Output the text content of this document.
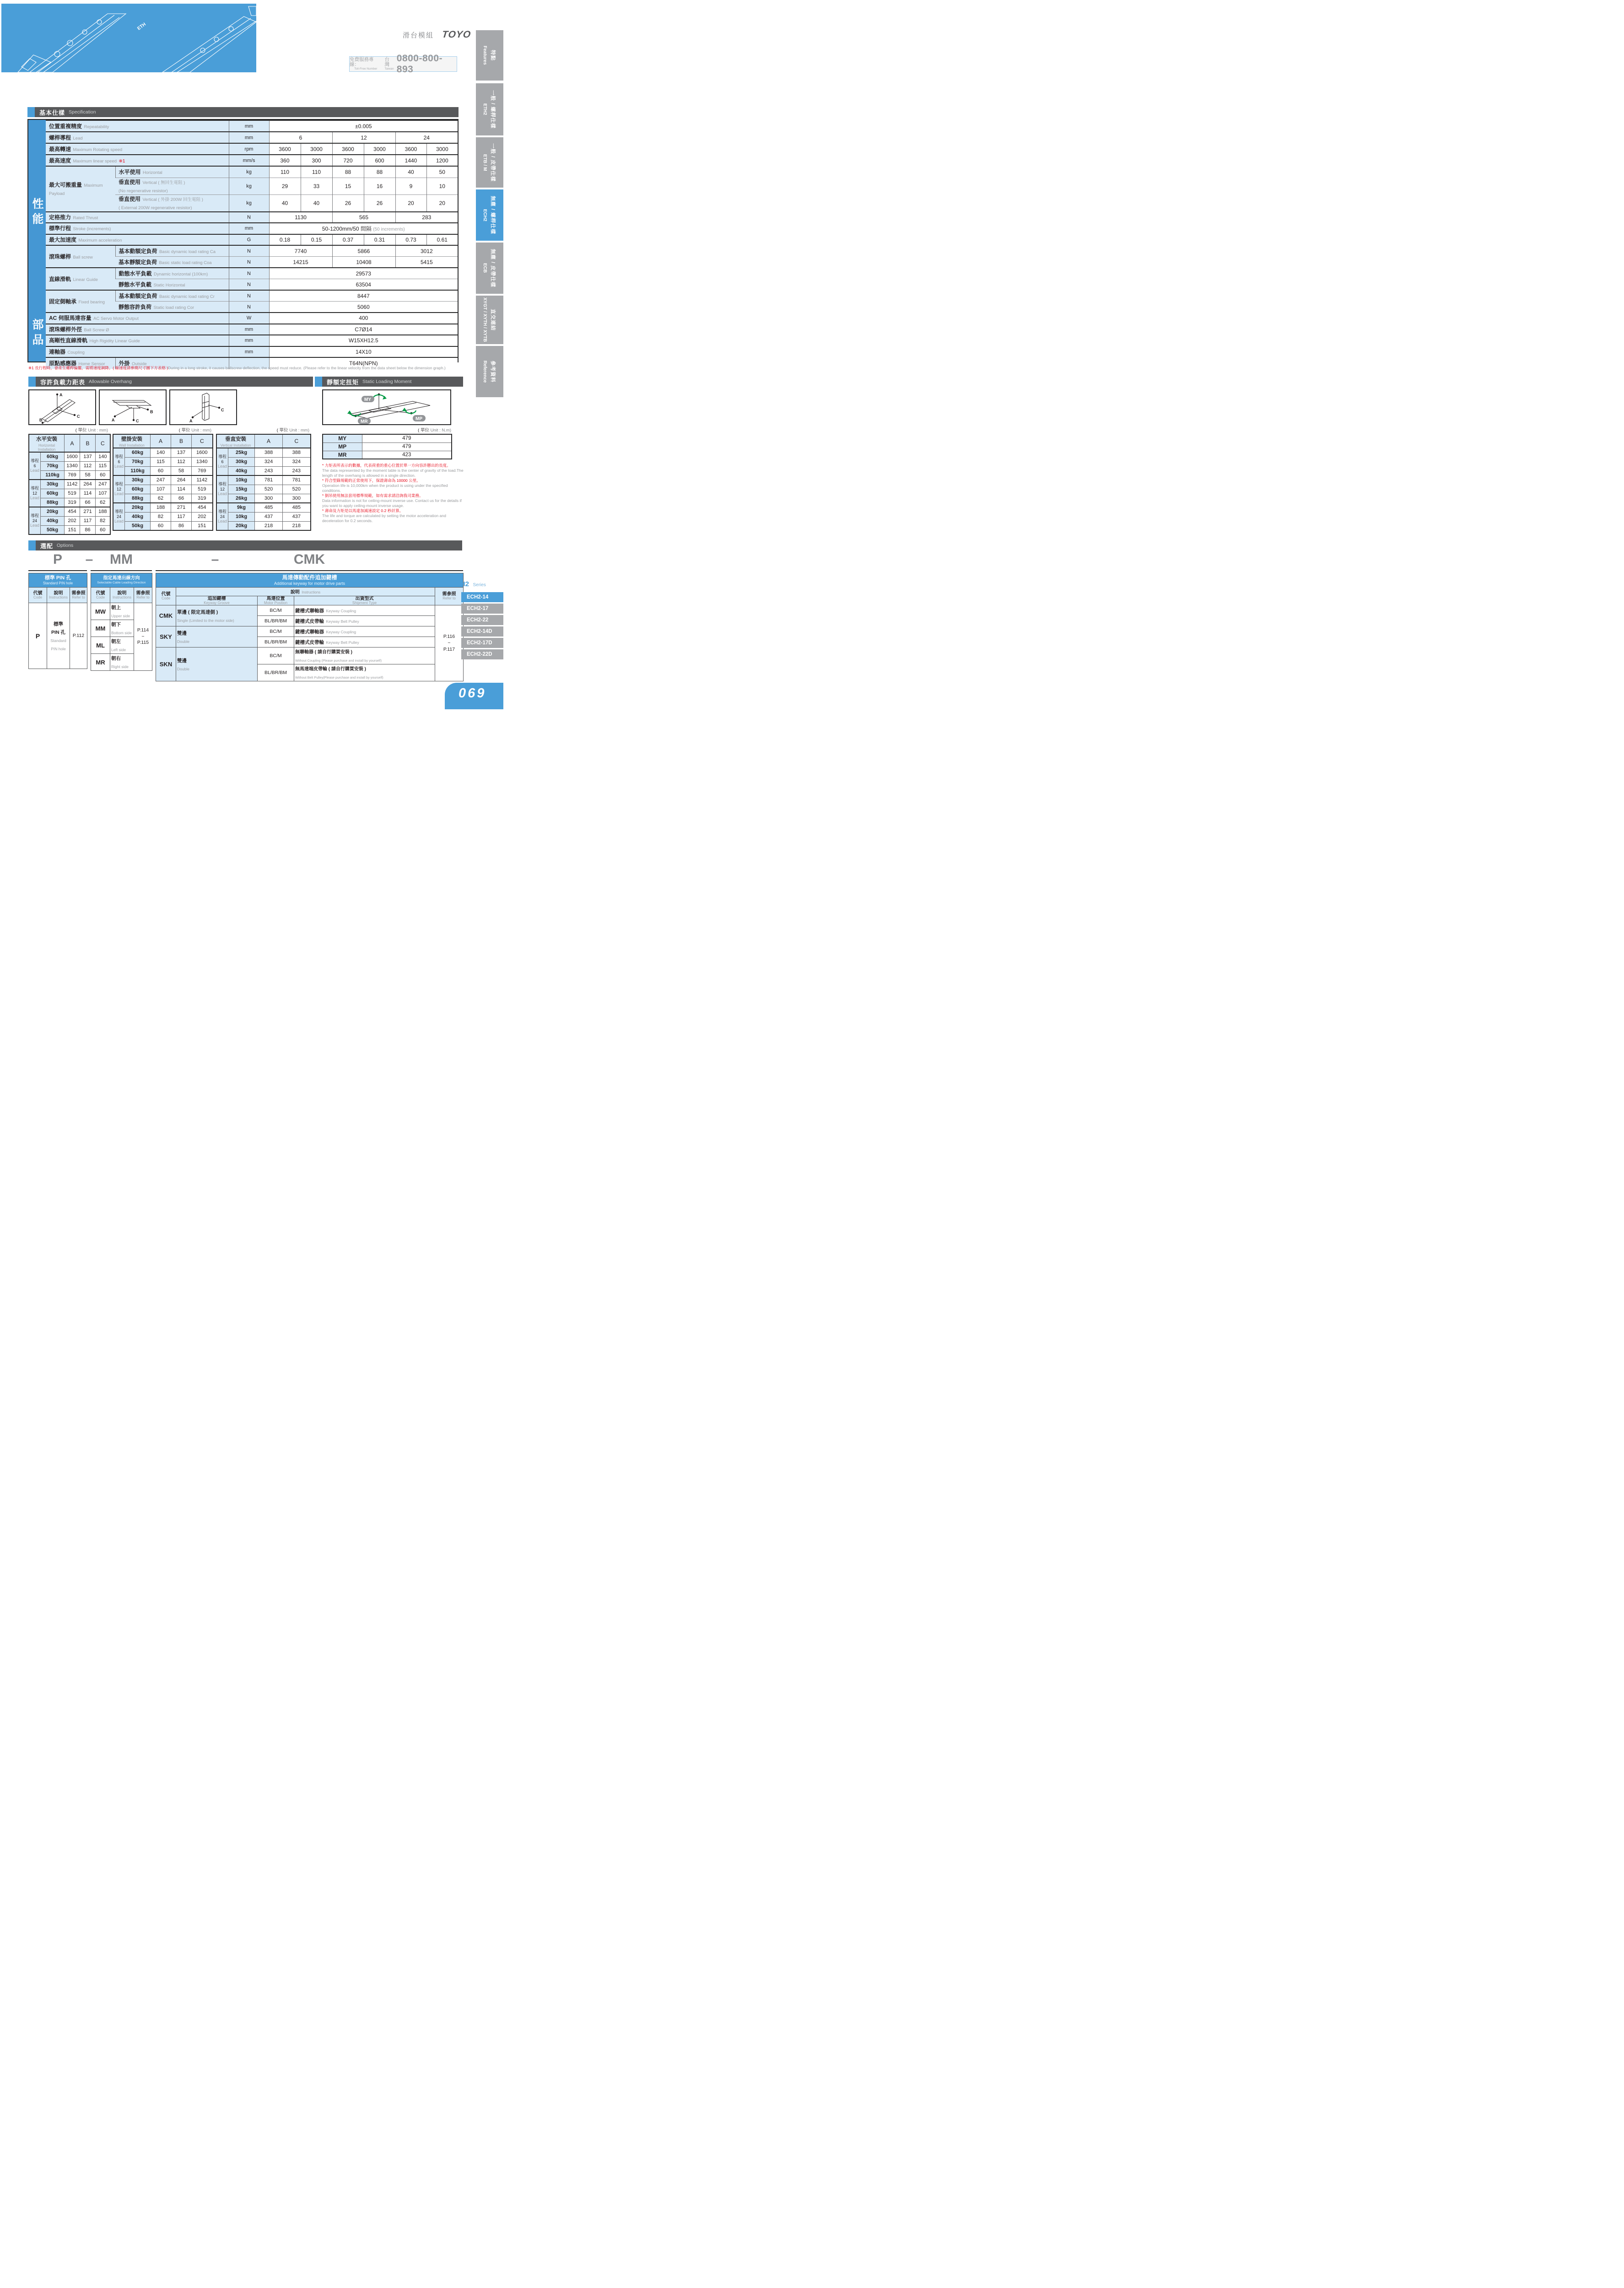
ETH
滑台模組 TOYO
免費服務專線：
Toll-Free Number
台灣
Taiwan
0800-800-893
基本仕樣 Specification
性能
部品
位置重複精度 Repeatability		mm	±0.005					
螺桿導程 Lead		mm	6		12		24	
最高轉速 Maximum Rotating speed		rpm	3600	3000	3600	3000	3600	3000
最高速度 Maximum linear speed ※1		mm/s	360	300	720	600	1440	1200
最大可搬重量 Maximum Payload	水平使用 Horizontal	kg	110	110	88	88	40	50
	垂直使用 Vertical ( 無回生電阻 )
(No regenerative resistor)	kg	29	33	15	16	9	10
	垂直使用 Vertical ( 外掛 200W 回生電阻 )
( External 200W regenerative resistor)	kg	40	40	26	26	20	20
定格推力 Rated Thrust		N	1130		565		283	
標準行程 Stroke (increments)		mm	50-1200mm/50 間隔 (50 increments)					
最大加速度 Maximum acceleration		G	0.18	0.15	0.37	0.31	0.73	0.61
滾珠螺桿 Ball screw	基本動額定負荷 Basic dynamic load rating Ca	N	7740		5866		3012	
	基本靜額定負荷 Basic static load rating Coa	N	14215		10408		5415	
直線滑軌 Linear Guide	動態水平負載 Dynamic horizontal (100km)	N	29573					
	靜態水平負載 Static Horizontal	N	63504					
固定側軸承 Fixed bearing	基本動額定負荷 Basic dynamic load rating Cr	N	8447					
	靜態容許負荷 Static load rating Cor	N	5060					
AC 伺服馬達容量 AC Servo Motor Output		W	400					
滾珠螺桿外徑 Ball Screw Ø		mm	C7Ø14					
高剛性直線滑軌 High Rigidity Linear Guide		mm	W15XH12.5					
連軸器 Coupling		mm	14X10					
原點感應器 Home Sensor	外掛 Outside		T64N(NPN)					
※1 長行程時，會產生螺桿偏擺，需將速度調降。( 線速度請參閱尺寸圖下方表格 )During in a long stroke, it causes ballscrew deflection, the speed must reduce. (Please refer to the linear velocity from the data sheet below the dimension graph.)
容許負載力距表 Allowable Overhang
A
C
B	A
B
C
C
A
( 單位 Unit : mm)	( 單位 Unit : mm)	( 單位 Unit : mm)
水平安裝
Horizontal Installation		A	B	C
導程
6
Lead	60kg	1600	137	140
	70kg	1340	112	115
	110kg	769	58	60
導程
12
Lead	30kg	1142	264	247
	60kg	519	114	107
	88kg	319	66	62
導程
24
Lead	20kg	454	271	188
	40kg	202	117	82
	50kg	151	86	60
壁掛安裝
Wall Installation		A	B	C
導程
6
Lead	60kg	140	137	1600
	70kg	115	112	1340
	110kg	60	58	769
導程
12
Lead	30kg	247	264	1142
	60kg	107	114	519
	88kg	62	66	319
導程
24
Lead	20kg	188	271	454
	40kg	82	117	202
	50kg	60	86	151
垂直安裝
Vertical Installation		A	C
導程
6
Lead	25kg	388	388
	30kg	324	324
	40kg	243	243
導程
12
Lead	10kg	781	781
	15kg	520	520
	26kg	300	300
導程
24
Lead	9kg	485	485
	10kg	437	437
	20kg	218	218
靜額定扭矩 Static Loading Moment
MY
MP
MR
( 單位 Unit : N.m)
MY	479
MP	479
MR	423
* 力矩表所表示的數據，代表荷重的重心位置於單一方向容許懸出的長度。
The data represented by the moment table is the center of gravity of the load.The length of the overhang is allowed in a single direction.
* 符合型錄規範的正常使用下，保證壽命為 10000 公里。
Operation life is 10,000km when the product is using under the specified conditions.
* 倒吊使用無法套用標準規範，如有需求請洽詢我司業務。
Data information is not for ceiling-mount inverse use. Contact us for the details if you want to apply ceiling-mount inverse usage.
* 壽命及力矩是以馬達加減速設定 0.2 秒計算。
The life and torque are calculated by setting the motor acceleration and deceleration for 0.2 seconds.
選配 Options
P	–	MM	–	CMK
標準 PIN 孔
Standard PIN hole		

代號
Code	說明
Instructions	需參照
Refer to

P	標準
PIN 孔
Standard
PIN hole	P.112
指定馬達出線方向
Selectable Cable Leading Direction		

代號
Code	說明
Instructions	需參照
Refer to

MW	朝上
Upper side	P.114
~
P.115
MM	朝下
Bottom side	
ML	朝左
Left side	
MR	朝右
Right side	
馬達傳動配件追加鍵槽
Additional keyway for motor drive parts				

代號
Code	說明 Instructions			需參照
Refer to

	追加鍵槽
Keyway Groove	馬達位置
Motor Position	出貨型式
Shipment Type	

CMK	單邊 ( 限定馬達側 )
Single (Limited to the motor side)	BC/M	鍵槽式聯軸器 Keyway Coupling	P.116
~
P.117
		BL/BR/BM	鍵槽式皮帶輪 Keyway Belt Pulley	
SKY	雙邊
Double	BC/M	鍵槽式聯軸器 Keyway Coupling	
		BL/BR/BM	鍵槽式皮帶輪 Keyway Belt Pulley	
SKN	雙邊
Double	BC/M	無聯軸器 ( 請自行購買安裝 )
Without Coupling (Please purchase and install by yourself)	
		BL/BR/BM	無馬達端皮帶輪 ( 請自行購買安裝 )
Without Belt Pulley(Please purchase and install by yourself)	
ECH2 Series
069
Features 特點
ETH2 一般 / 螺桿仕樣
ETB / M 一般 / 皮帶仕樣
ECH2 無塵 / 螺桿仕樣
ECB 無塵 / 皮帶仕樣
XYGT / XYTH / XYTB 直交連結
Reference 參考資料
ECH2-14
ECH2-17
ECH2-22
ECH2-14D
ECH2-17D
ECH2-22D
